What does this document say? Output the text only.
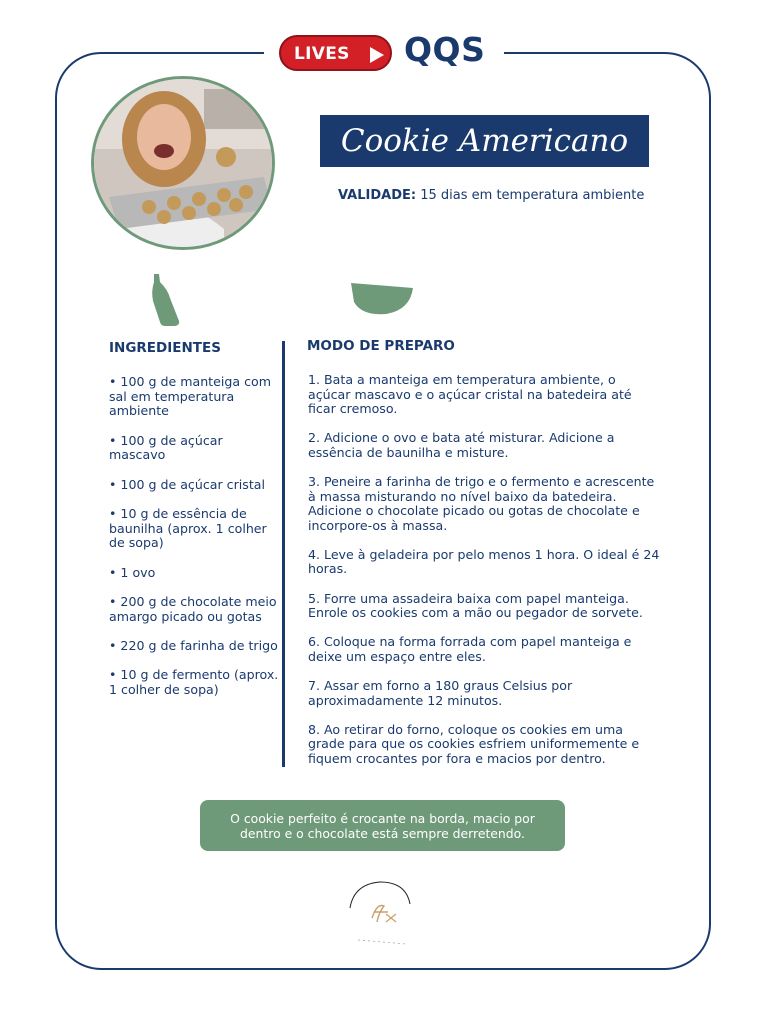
LIVES QQS
Cookie Americano
VALIDADE: 15 dias em temperatura ambiente
INGREDIENTES
• 100 g de manteiga com sal em temperatura ambiente
• 100 g de açúcar mascavo
• 100 g de açúcar cristal
• 10 g de essência de baunilha (aprox. 1 colher de sopa)
• 1 ovo
• 200 g de chocolate meio amargo picado ou gotas
• 220 g de farinha de trigo
• 10 g de fermento (aprox. 1 colher de sopa)
MODO DE PREPARO
1. Bata a manteiga em temperatura ambiente, o açúcar mascavo e o açúcar cristal na batedeira até ficar cremoso.
2. Adicione o ovo e bata até misturar. Adicione a essência de baunilha e misture.
3. Peneire a farinha de trigo e o fermento e acrescente à massa misturando no nível baixo da batedeira. Adicione o chocolate picado ou gotas de chocolate e incorpore-os à massa.
4. Leve à geladeira por pelo menos 1 hora. O ideal é 24 horas.
5. Forre uma assadeira baixa com papel manteiga. Enrole os cookies com a mão ou pegador de sorvete.
6. Coloque na forma forrada com papel manteiga e deixe um espaço entre eles.
7. Assar em forno a 180 graus Celsius por aproximadamente 12 minutos.
8. Ao retirar do forno, coloque os cookies em uma grade para que os cookies esfriem uniformemente e fiquem crocantes por fora e macios por dentro.
O cookie perfeito é crocante na borda, macio por dentro e o chocolate está sempre derretendo.
